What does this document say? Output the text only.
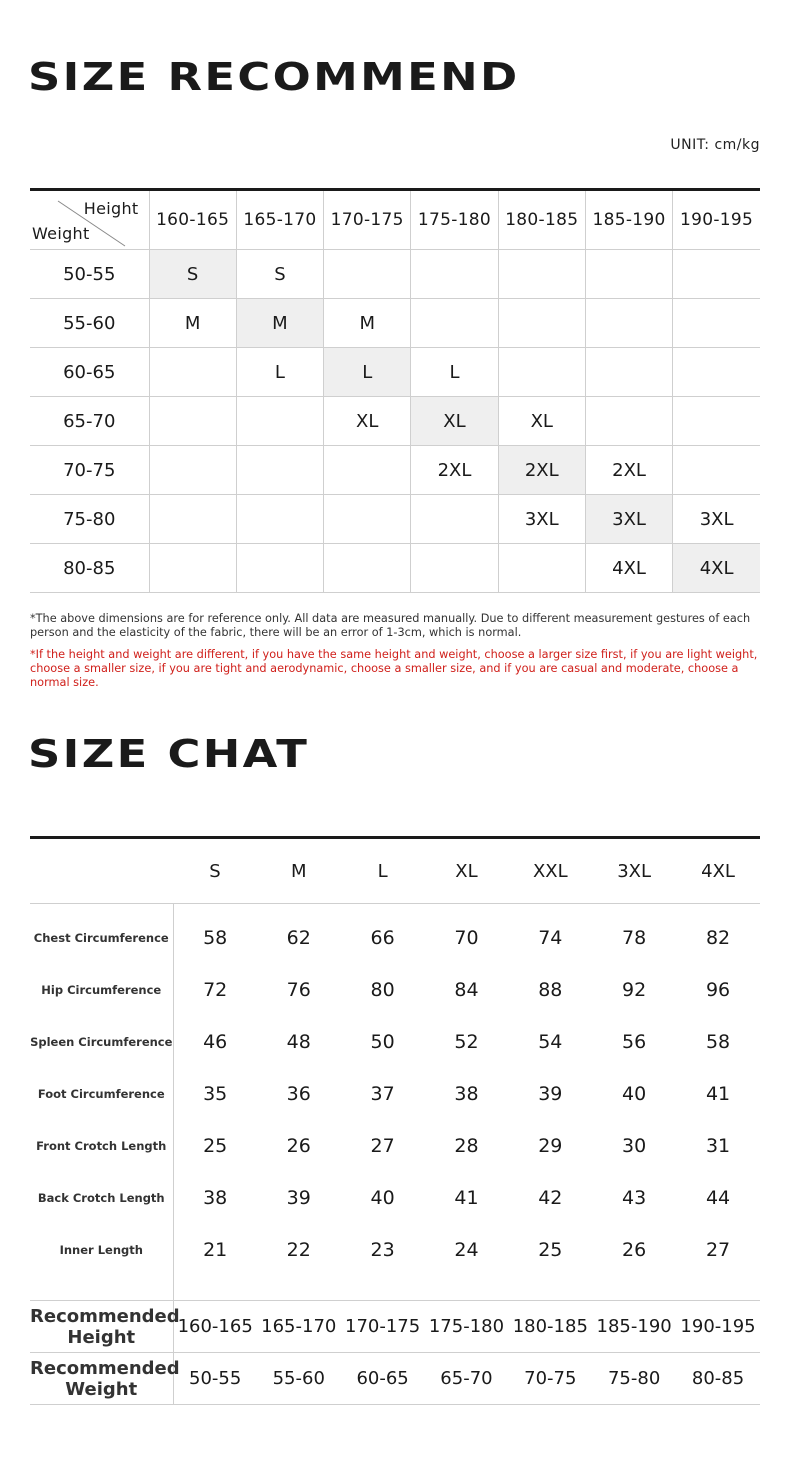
SIZE RECOMMEND
UNIT: cm/kg
Height
Weight	160-165	165-170	170-175	175-180	180-185	185-190	190-195
50-55	S	S					
55-60	M	M	M				
60-65		L	L	L			
65-70			XL	XL	XL		
70-75				2XL	2XL	2XL	
75-80					3XL	3XL	3XL
80-85						4XL	4XL

*The above dimensions are for reference only. All data are measured manually. Due to different measurement gestures of each person and the elasticity of the fabric, there will be an error of 1-3cm, which is normal.

*If the height and weight are different, if you have the same height and weight, choose a larger size first, if you are light weight, choose a smaller size, if you are tight and aerodynamic, choose a smaller size, and if you are casual and moderate, choose a normal size.

SIZE CHAT
	S	M	L	XL	XXL	3XL	4XL
Chest Circumference	58	62	66	70	74	78	82
Hip Circumference	72	76	80	84	88	92	96
Spleen Circumference	46	48	50	52	54	56	58
Foot Circumference	35	36	37	38	39	40	41
Front Crotch Length	25	26	27	28	29	30	31
Back Crotch Length	38	39	40	41	42	43	44
Inner Length	21	22	23	24	25	26	27
Recommended Height	160-165	165-170	170-175	175-180	180-185	185-190	190-195
Recommended Weight	50-55	55-60	60-65	65-70	70-75	75-80	80-85
